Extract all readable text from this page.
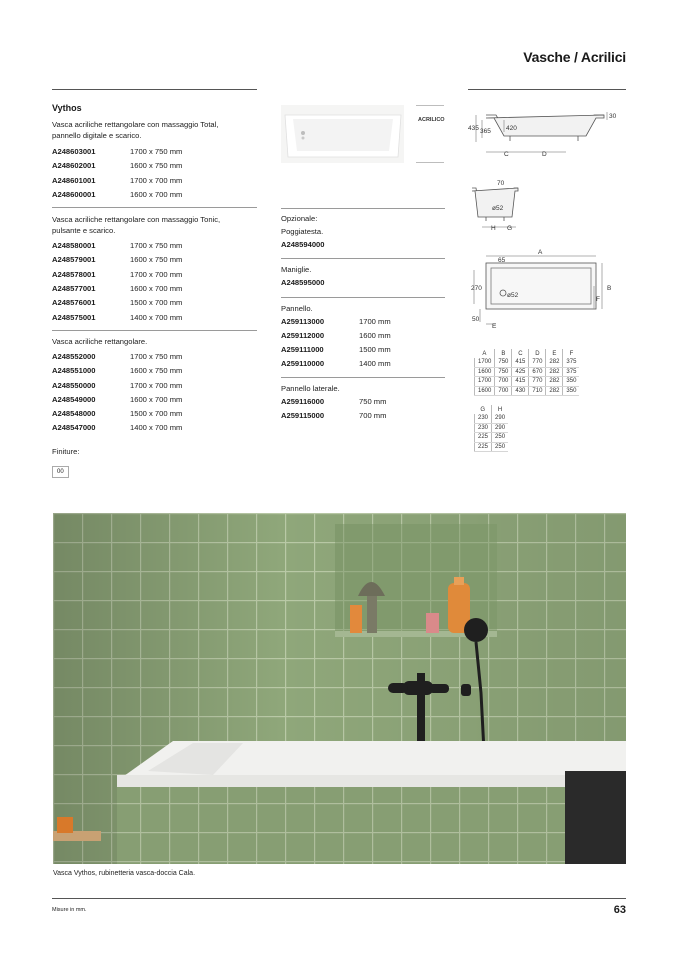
Vasche / Acrilici
Vythos
Vasca acriliche rettangolare con massaggio Total, pannello digitale e scarico.
A248603001	1700 x 750 mm
A248602001	1600 x 750 mm
A248601001	1700 x 700 mm
A248600001	1600 x 700 mm
Vasca acriliche rettangolare con massaggio Tonic, pulsante e scarico.
A248580001	1700 x 750 mm
A248579001	1600 x 750 mm
A248578001	1700 x 700 mm
A248577001	1600 x 700 mm
A248576001	1500 x 700 mm
A248575001	1400 x 700 mm
Vasca acriliche rettangolare.
A248552000	1700 x 750 mm
A248551000	1600 x 750 mm
A248550000	1700 x 700 mm
A248549000	1600 x 700 mm
A248548000	1500 x 700 mm
A248547000	1400 x 700 mm
Finiture:
00
ACRILICO
Opzionale:
Poggiatesta.
A248594000
Maniglie.
A248595000
Pannello.
A259113000	1700 mm
A259112000	1600 mm
A259111000	1500 mm
A259110000	1400 mm
Pannello laterale.
A259116000	750 mm
A259115000	700 mm
435 365 420
30
C	D
70
ø52
H G
A
65
270
ø52
B
F
50
E
A	B	C	D	E	F
1700	750	415	770	282	375
1600	750	425	670	282	375
1700	700	415	770	282	350
1600	700	430	710	282	350
G	H
230	290
230	290
225	250
225	250
Vasca Vythos, rubinetteria vasca-doccia Cala.
Misure in mm.	63
